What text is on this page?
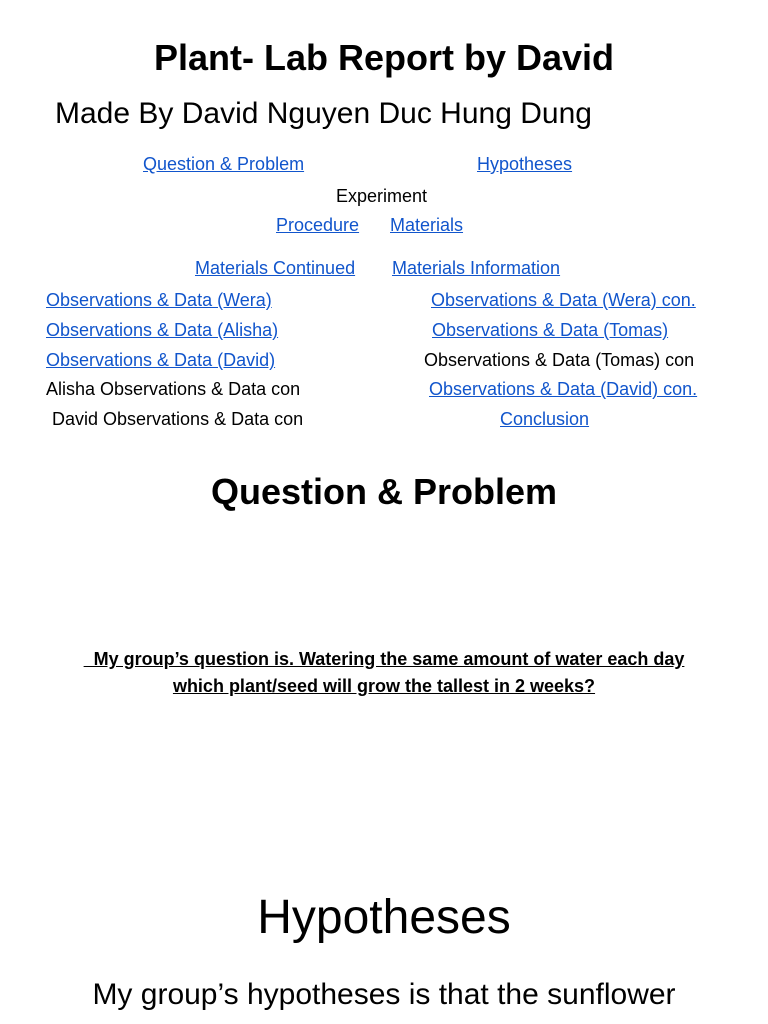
Plant- Lab Report by David
Made By David Nguyen Duc Hung Dung
Question & Problem	Hypotheses
Experiment
Procedure Materials
Materials Continued Materials Information
Observations & Data (Wera)	Observations & Data (Wera) con.
Observations & Data (Alisha)	Observations & Data (Tomas)
Observations & Data (David)	Observations & Data (Tomas) con
Alisha Observations & Data con	Observations & Data (David) con.
David Observations & Data con	Conclusion
Question & Problem
My group’s question is. Watering the same amount of water each day
which plant/seed will grow the tallest in 2 weeks?
Hypotheses
My group’s hypotheses is that the sunflower
